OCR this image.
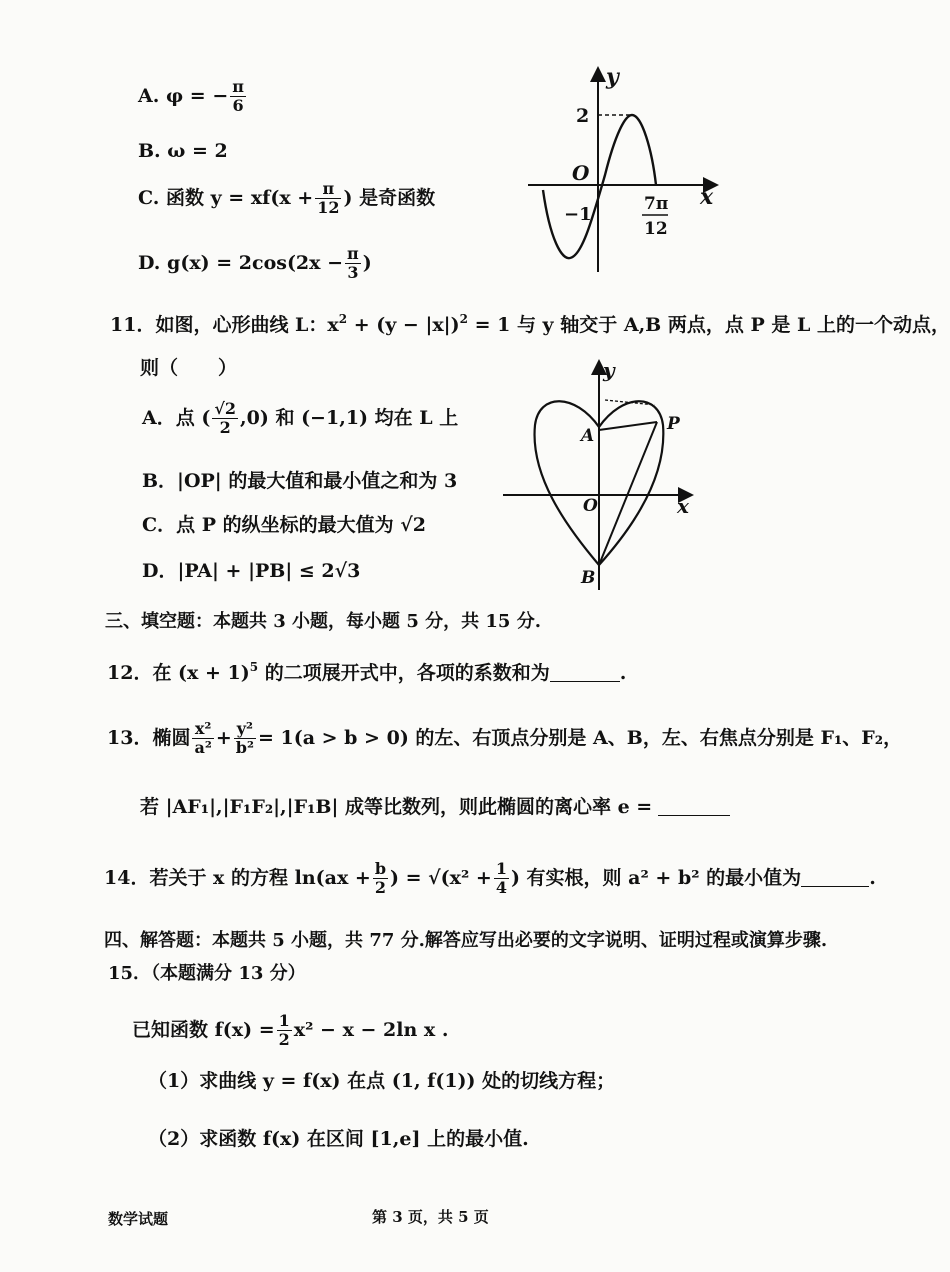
A. φ = − $\frac{\pi}{6}$
B. ω = 2
C. 函数 $y = xf(x + \frac{\pi}{12}$ ) 是奇函数
D. $g(x) = 2\cos(2x - \frac{\pi}{3}$ )
y
x
O
2
−1	7π
12
11．如图，心形曲线 L：$x^2 + (y - |x|)^2 = 1$ 与 y 轴交于 A,B 两点，点 P 是 L 上的一个动点，
则（ ）
A．点 ( $\frac{√2}{2} ,0$) 和 (−1,1) 均在 L 上
B．|OP| 的最大值和最小值之和为 3
C．点 P 的纵坐标的最大值为 √2
D．|PA| + |PB| ≤ 2√3
y
x
O
A
B
P
三、填空题：本题共 3 小题，每小题 5 分，共 15 分.
12．在 $(x + 1)^5$ 的二项展开式中，各项的系数和为	.
13．椭圆 $\frac{\text{x²}}{\text{a²}} + \frac{\text{y²}}{\text{b²}} = 1(a > b > 0)$ 的左、右顶点分别是 A、B，左、右焦点分别是 F₁、F₂，
若 |AF₁|,|F₁F₂|,|F₁B| 成等比数列，则此椭圆的离心率 e =
14．若关于 x 的方程 $\ln(ax + \frac{b}{2}$ ) = $√(x^2 + \frac{1}{4}$ ) 有实根，则 a² + b² 的最小值为	.
四、解答题：本题共 5 小题，共 77 分.解答应写出必要的文字说明、证明过程或演算步骤.
15．（本题满分 13 分）
已知函数 $f(x) = \frac{1}{2} x^2 - x - 2\ln$ x .
（1）求曲线 y = f(x) 在点 (1, f(1)) 处的切线方程；
（2）求函数 f(x) 在区间 [1,e] 上的最小值.
数学试题	第 3 页，共 5 页
